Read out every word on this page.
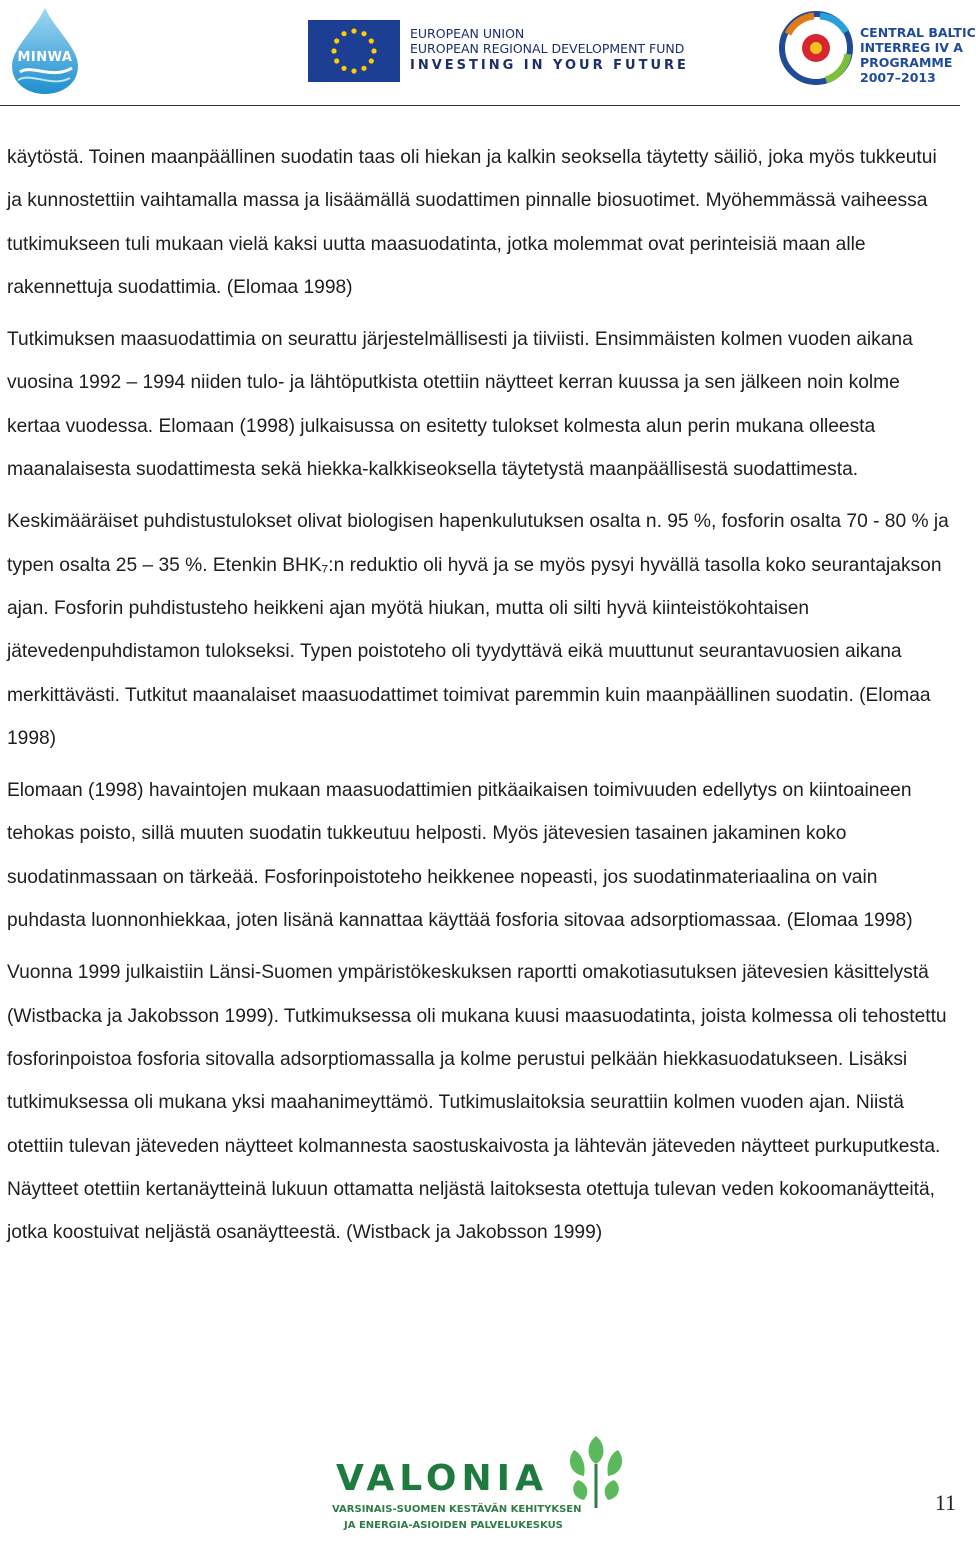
MINWA
EUROPEAN UNION
EUROPEAN REGIONAL DEVELOPMENT FUND
INVESTING IN YOUR FUTURE
CENTRAL BALTIC
INTERREG IV A
PROGRAMME
2007–2013

käytöstä. Toinen maanpäällinen suodatin taas oli hiekan ja kalkin seoksella täytetty säiliö, joka myös tukkeutui ja kunnostettiin vaihtamalla massa ja lisäämällä suodattimen pinnalle biosuotimet. Myöhemmässä vaiheessa tutkimukseen tuli mukaan vielä kaksi uutta maasuodatinta, jotka molemmat ovat perinteisiä maan alle rakennettuja suodattimia. (Elomaa 1998)

Tutkimuksen maasuodattimia on seurattu järjestelmällisesti ja tiiviisti. Ensimmäisten kolmen vuoden aikana vuosina 1992 – 1994 niiden tulo- ja lähtöputkista otettiin näytteet kerran kuussa ja sen jälkeen noin kolme kertaa vuodessa. Elomaan (1998) julkaisussa on esitetty tulokset kolmesta alun perin mukana olleesta maanalaisesta suodattimesta sekä hiekka-kalkkiseoksella täytetystä maanpäällisestä suodattimesta.

Keskimääräiset puhdistustulokset olivat biologisen hapenkulutuksen osalta n. 95 %, fosforin osalta 70 - 80 % ja typen osalta 25 – 35 %. Etenkin BHK₇:n reduktio oli hyvä ja se myös pysyi hyvällä tasolla koko seurantajakson ajan. Fosforin puhdistusteho heikkeni ajan myötä hiukan, mutta oli silti hyvä kiinteistökohtaisen jätevedenpuhdistamon tulokseksi. Typen poistoteho oli tyydyttävä eikä muuttunut seurantavuosien aikana merkittävästi. Tutkitut maanalaiset maasuodattimet toimivat paremmin kuin maanpäällinen suodatin. (Elomaa 1998)

Elomaan (1998) havaintojen mukaan maasuodattimien pitkäaikaisen toimivuuden edellytys on kiintoaineen tehokas poisto, sillä muuten suodatin tukkeutuu helposti. Myös jätevesien tasainen jakaminen koko suodatinmassaan on tärkeää. Fosforinpoistoteho heikkenee nopeasti, jos suodatinmateriaalina on vain puhdasta luonnonhiekkaa, joten lisänä kannattaa käyttää fosforia sitovaa adsorptiomassaa. (Elomaa 1998)

Vuonna 1999 julkaistiin Länsi-Suomen ympäristökeskuksen raportti omakotiasutuksen jätevesien käsittelystä (Wistbacka ja Jakobsson 1999). Tutkimuksessa oli mukana kuusi maasuodatinta, joista kolmessa oli tehostettu fosforinpoistoa fosforia sitovalla adsorptiomassalla ja kolme perustui pelkään hiekkasuodatukseen. Lisäksi tutkimuksessa oli mukana yksi maahanimeyttämö. Tutkimuslaitoksia seurattiin kolmen vuoden ajan. Niistä otettiin tulevan jäteveden näytteet kolmannesta saostuskaivosta ja lähtevän jäteveden näytteet purkuputkesta. Näytteet otettiin kertanäytteinä lukuun ottamatta neljästä laitoksesta otettuja tulevan veden kokoomanäytteitä, jotka koostuivat neljästä osanäytteestä. (Wistback ja Jakobsson 1999)

VALONIA
VARSINAIS-SUOMEN KESTÄVÄN KEHITYKSEN
JA ENERGIA-ASIOIDEN PALVELUKESKUS
11
